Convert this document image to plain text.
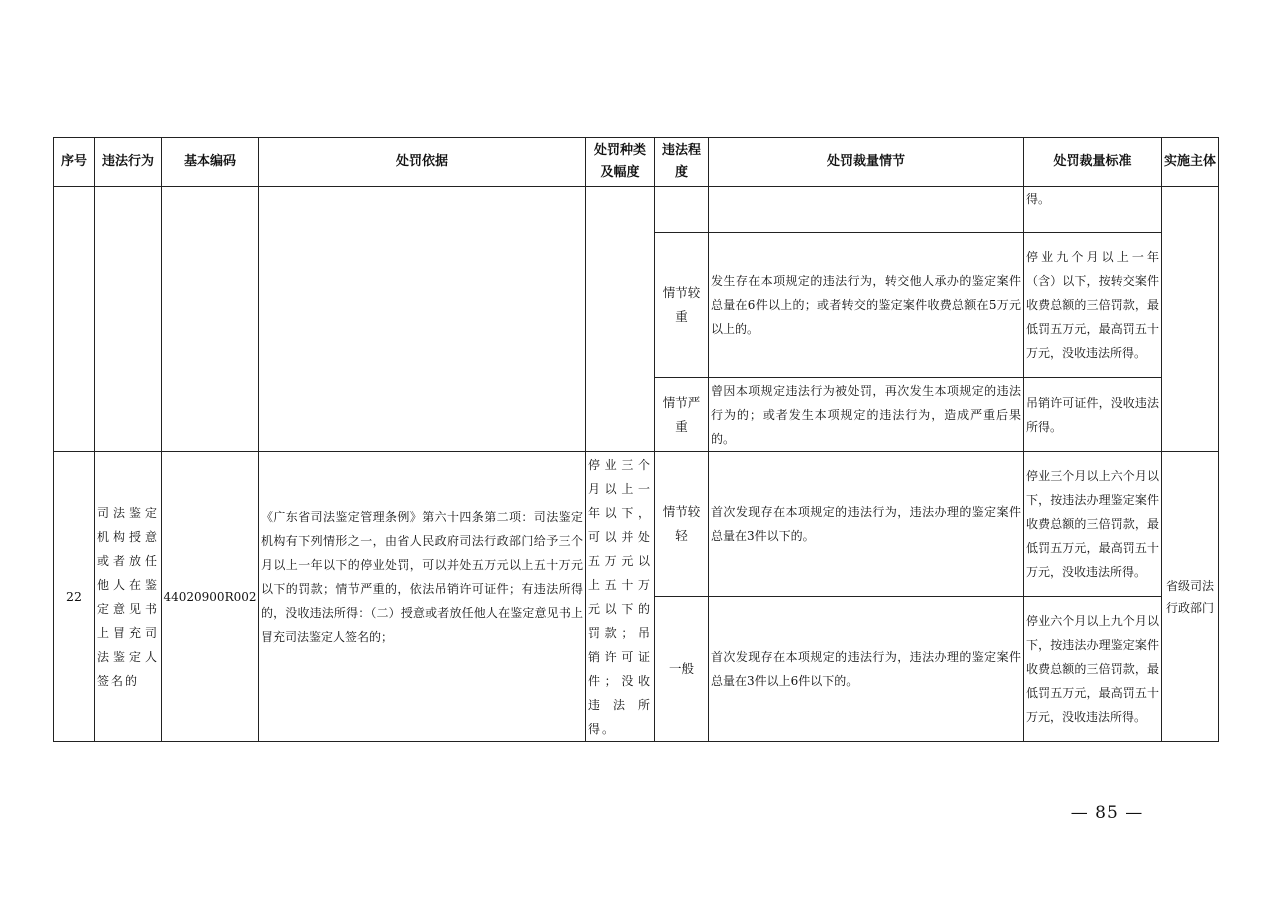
序号	违法行为	基本编码	处罚依据	处罚种类及幅度	违法程度	处罚裁量情节	处罚裁量标准	实施主体
							得。	
					情节较重	发生存在本项规定的违法行为，转交他人承办的鉴定案件总量在6件以上的；或者转交的鉴定案件收费总额在5万元以上的。	停业九个月以上一年（含）以下，按转交案件收费总额的三倍罚款，最低罚五万元，最高罚五十万元，没收违法所得。	
					情节严重	曾因本项规定违法行为被处罚，再次发生本项规定的违法行为的；或者发生本项规定的违法行为，造成严重后果的。	吊销许可证件，没收违法所得。	
22	司法鉴定机构授意或者放任他人在鉴定意见书上冒充司法鉴定人签名的	44020900R002	《广东省司法鉴定管理条例》第六十四条第二项：司法鉴定机构有下列情形之一，由省人民政府司法行政部门给予三个月以上一年以下的停业处罚，可以并处五万元以上五十万元以下的罚款；情节严重的，依法吊销许可证件；有违法所得的，没收违法所得：（二）授意或者放任他人在鉴定意见书上冒充司法鉴定人签名的；	停业三个月以上一年以下，可以并处五万元以上五十万元以下的罚款；吊销许可证件；没收违法所得。	情节较轻	首次发现存在本项规定的违法行为，违法办理的鉴定案件总量在3件以下的。	停业三个月以上六个月以下，按违法办理鉴定案件收费总额的三倍罚款，最低罚五万元，最高罚五十万元，没收违法所得。	省级司法行政部门
					一般	首次发现存在本项规定的违法行为，违法办理的鉴定案件总量在3件以上6件以下的。	停业六个月以上九个月以下，按违法办理鉴定案件收费总额的三倍罚款，最低罚五万元，最高罚五十万元，没收违法所得。	
— 85 —
